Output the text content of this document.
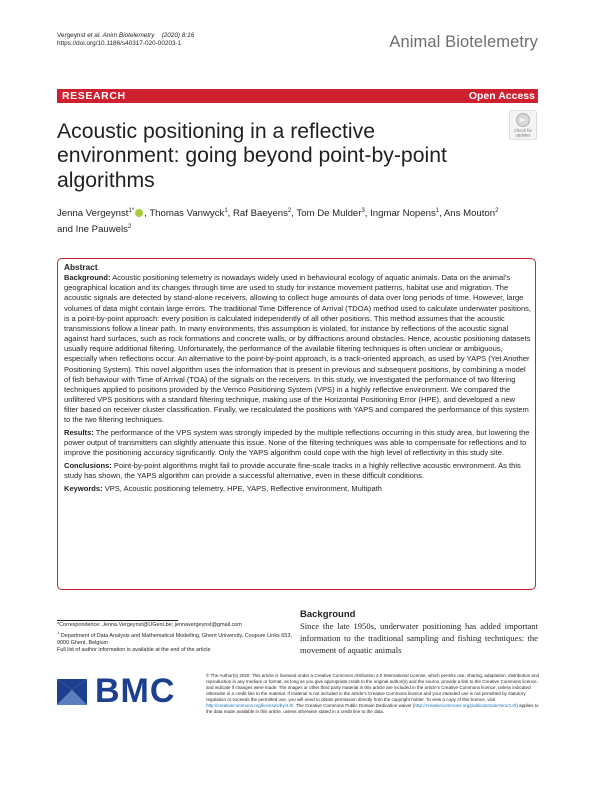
Vergeynst et al. Anim Biotelemetry (2020) 8:16
https://doi.org/10.1186/s40317-020-00203-1	Animal Biotelemetry
RESEARCH	Open Access
Check for
updates
Acoustic positioning in a reflective environment: going beyond point-by-point algorithms
Jenna Vergeynst$^{1*}$ , Thomas Vanwyck$^1$, Raf Baeyens$^2$, Tom De Mulder$^3$, Ingmar Nopens$^1$, Ans Mouton$^2$
and Ine Pauwels$^2$
Abstract

Background: Acoustic positioning telemetry is nowadays widely used in behavioural ecology of aquatic animals. Data on the animal’s geographical location and its changes through time are used to study for instance movement patterns, habitat use and migration. The acoustic signals are detected by stand-alone receivers, allowing to collect huge amounts of data over long periods of time. However, large volumes of data might contain large errors. The traditional Time Difference of Arrival (TDOA) method used to calculate underwater positions, is a point-by-point approach: every position is calculated independently of all other positions. This method assumes that the acoustic transmissions follow a linear path. In many environments, this assumption is violated, for instance by reflections of the acoustic signal against hard surfaces, such as rock formations and concrete walls, or by diffractions around obstacles. Hence, acoustic positioning datasets usually require additional filtering. Unfortunately, the performance of the available filtering techniques is often unclear or ambiguous, especially when reflections occur. An alternative to the point-by-point approach, is a track-oriented approach, as used by YAPS (Yet Another Positioning System). This novel algorithm uses the information that is present in previous and subsequent positions, by combining a model of fish behaviour with Time of Arrival (TOA) of the signals on the receivers. In this study, we investigated the performance of two filtering techniques applied to positions provided by the Vemco Positioning System (VPS) in a highly reflective environment. We compared the unfiltered VPS positions with a standard filtering technique, making use of the Horizontal Positioning Error (HPE), and developed a new filter based on receiver cluster classification. Finally, we recalculated the positions with YAPS and compared the performance of this system to the two filtering techniques.

Results: The performance of the VPS system was strongly impeded by the multiple reflections occurring in this study area, but lowering the power output of transmitters can slightly attenuate this issue. None of the filtering techniques was able to compensate for reflections and to improve the positioning accuracy significantly. Only the YAPS algorithm could cope with the high level of reflectivity in this study site.

Conclusions: Point-by-point algorithms might fail to provide accurate fine-scale tracks in a highly reflective acoustic environment. As this study has shown, the YAPS algorithm can provide a successful alternative, even in these difficult conditions.

Keywords: VPS, Acoustic positioning telemetry, HPE, YAPS, Reflective environment, Multipath

*Correspondence: Jenna.Vergeynst@UGent.be; jennavergeynst@gmail.com
$^1$ Department of Data Analysis and Mathematical Modelling, Ghent University, Coupure Links 653, 9000 Ghent, Belgium
Full list of author information is available at the end of the article
Background
Since the late 1950s, underwater positioning has added important information to the traditional sampling and fishing techniques: the movement of aquatic animals
BMC	© The Author(s) 2020. This article is licensed under a Creative Commons Attribution 4.0 International License, which permits use, sharing, adaptation, distribution and reproduction in any medium or format, as long as you give appropriate credit to the original author(s) and the source, provide a link to the Creative Commons licence, and indicate if changes were made. The images or other third party material in this article are included in the article’s Creative Commons licence, unless indicated otherwise in a credit line to the material. If material is not included in the article’s Creative Commons licence and your intended use is not permitted by statutory regulation or exceeds the permitted use, you will need to obtain permission directly from the copyright holder. To view a copy of this licence, visit http://creativecommons.org/licenses/by/4.0/. The Creative Commons Public Domain Dedication waiver (http://creativecommons.org/publicdomain/zero/1.0/) applies to the data made available in this article, unless otherwise stated in a credit line to the data.
